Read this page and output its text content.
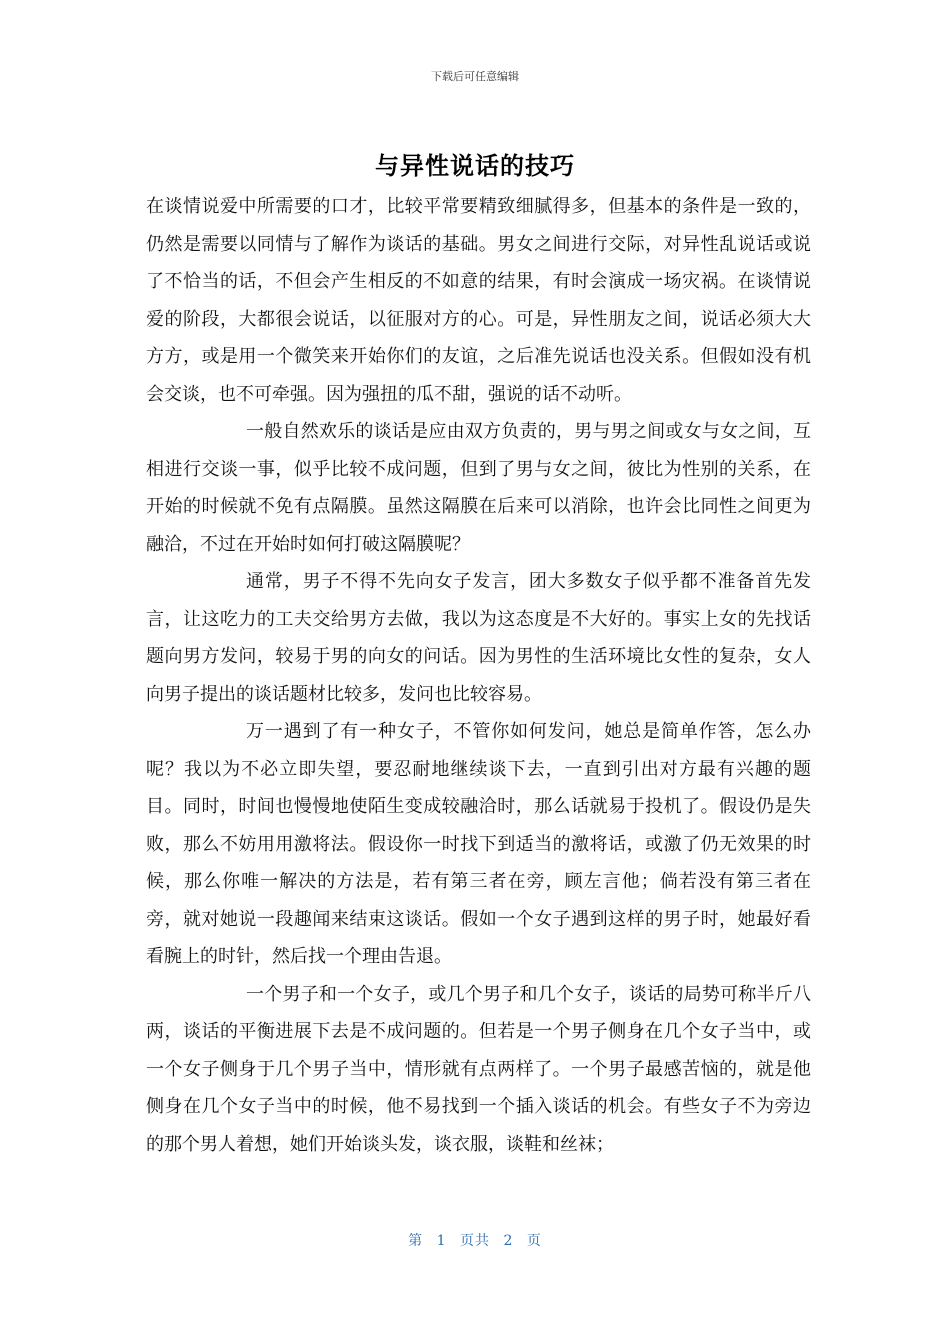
下载后可任意编辑
与异性说话的技巧

在谈情说爱中所需要的口才，比较平常要精致细腻得多，但基本的条件是一致的，仍然是需要以同情与了解作为谈话的基础。男女之间进行交际，对异性乱说话或说了不恰当的话，不但会产生相反的不如意的结果，有时会演成一场灾祸。在谈情说爱的阶段，大都很会说话，以征服对方的心。可是，异性朋友之间，说话必须大大方方，或是用一个微笑来开始你们的友谊，之后准先说话也没关系。但假如没有机会交谈，也不可牵强。因为强扭的瓜不甜，强说的话不动听。

一般自然欢乐的谈话是应由双方负责的，男与男之间或女与女之间，互相进行交谈一事，似乎比较不成问题，但到了男与女之间，彼比为性别的关系，在开始的时候就不免有点隔膜。虽然这隔膜在后来可以消除，也许会比同性之间更为融洽，不过在开始时如何打破这隔膜呢？

通常，男子不得不先向女子发言，团大多数女子似乎都不准备首先发言，让这吃力的工夫交给男方去做，我以为这态度是不大好的。事实上女的先找话题向男方发问，较易于男的向女的问话。因为男性的生活环境比女性的复杂，女人向男子提出的谈话题材比较多，发问也比较容易。

万一遇到了有一种女子，不管你如何发问，她总是简单作答，怎么办呢？我以为不必立即失望，要忍耐地继续谈下去，一直到引出对方最有兴趣的题目。同时，时间也慢慢地使陌生变成较融洽时，那么话就易于投机了。假设仍是失败，那么不妨用用激将法。假设你一时找下到适当的激将话，或激了仍无效果的时候，那么你唯一解决的方法是，若有第三者在旁，顾左言他；倘若没有第三者在旁，就对她说一段趣闻来结束这谈话。假如一个女子遇到这样的男子时，她最好看看腕上的时针，然后找一个理由告退。

一个男子和一个女子，或几个男子和几个女子，谈话的局势可称半斤八两，谈话的平衡进展下去是不成问题的。但若是一个男子侧身在几个女子当中，或一个女子侧身于几个男子当中，情形就有点两样了。一个男子最感苦恼的，就是他侧身在几个女子当中的时候，他不易找到一个插入谈话的机会。有些女子不为旁边的那个男人着想，她们开始谈头发，谈衣服，谈鞋和丝袜；

第 1 页共 2 页
